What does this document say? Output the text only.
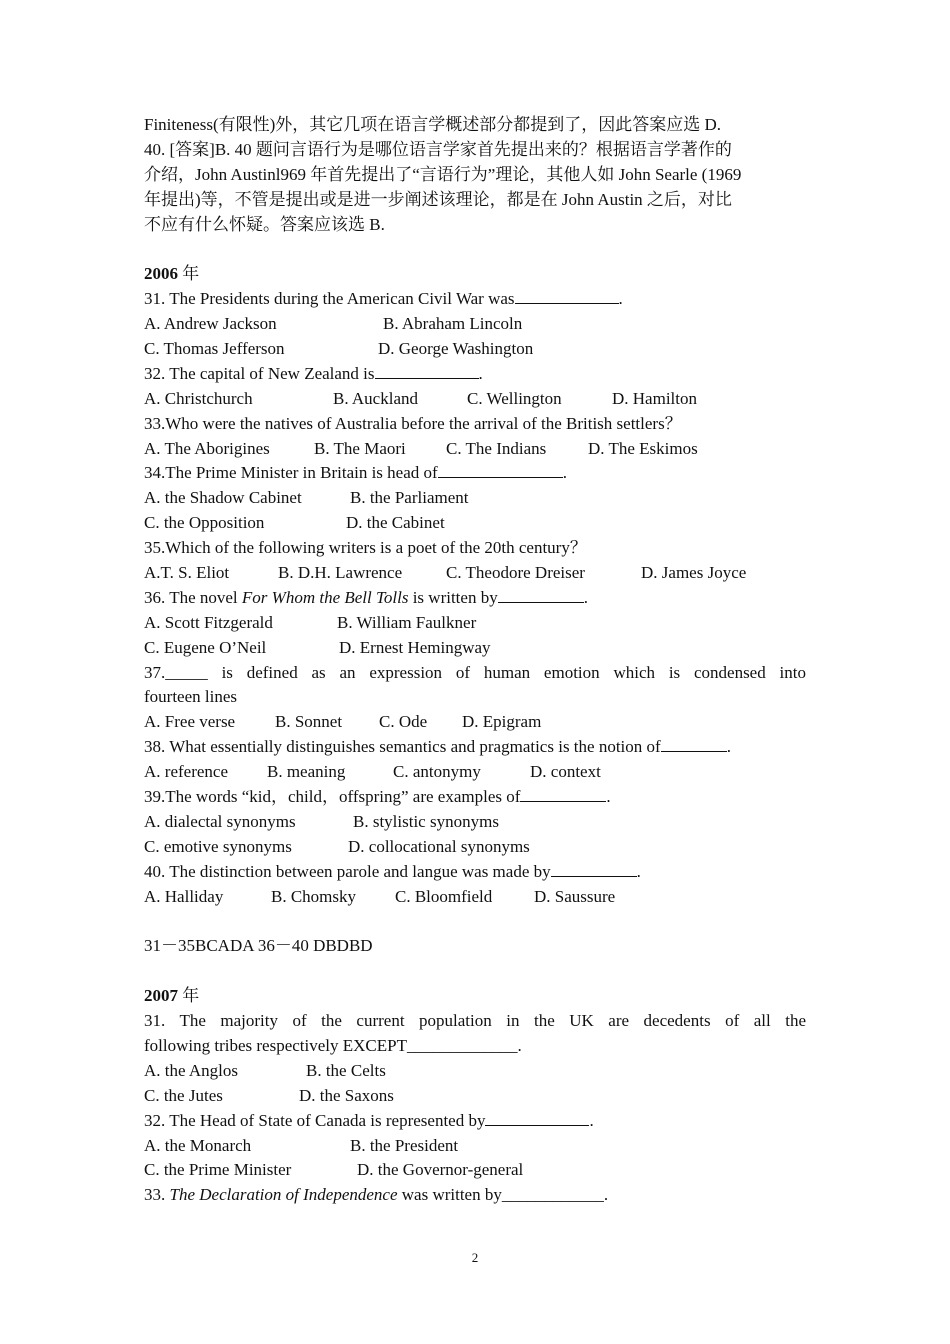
Finiteness(有限性)外，其它几项在语言学概述部分都提到了，因此答案应选 D.
40. [答案]B. 40 题问言语行为是哪位语言学家首先提出来的？根据语言学著作的
介绍，John Austinl969 年首先提出了“言语行为”理论，其他人如 John Searle (1969
年提出)等，不管是提出或是进一步阐述该理论，都是在 John Austin 之后，对比
不应有什么怀疑。答案应该选 B.
2006 年
31. The Presidents during the American Civil War was	.
A. Andrew Jackson	B. Abraham Lincoln
C. Thomas Jefferson	D. George Washington
32. The capital of New Zealand is	.
A. Christchurch	B. Auckland	C. Wellington	D. Hamilton
33.Who were the natives of Australia before the arrival of the British settlers？
A. The Aborigines	B. The Maori C. The Indians D. The Eskimos
34.The Prime Minister in Britain is head of	.
A. the Shadow Cabinet	B. the Parliament
C. the Opposition	D. the Cabinet
35.Which of the following writers is a poet of the 20th century？
A.T. S. Eliot	B. D.H. Lawrence	C. Theodore Dreiser	D. James Joyce
36. The novel For Whom the Bell Tolls is written by	.
A. Scott Fitzgerald	B. William Faulkner
C. Eugene O’Neil	D. Ernest Hemingway
37._____ is defined as an expression of human emotion which is condensed into
fourteen lines
A. Free verse B. Sonnet C. Ode D. Epigram
38. What essentially distinguishes semantics and pragmatics is the notion of	.
A. reference B. meaning	C. antonymy	D. context
39.The words “kid，child，offspring” are examples of	.
A. dialectal synonyms	B. stylistic synonyms
C. emotive synonyms	D. collocational synonyms
40. The distinction between parole and langue was made by	.
A. Halliday	B. Chomsky C. Bloomfield D. Saussure
31－35BCADA 36－40 DBDBD
2007 年
31. The majority of the current population in the UK are decedents of all the
following tribes respectively EXCEPT_____________.
A. the Anglos	B. the Celts
C. the Jutes	D. the Saxons
32. The Head of State of Canada is represented by	.
A. the Monarch	B. the President
C. the Prime Minister	D. the Governor-general
33. The Declaration of Independence was written by____________.
2
